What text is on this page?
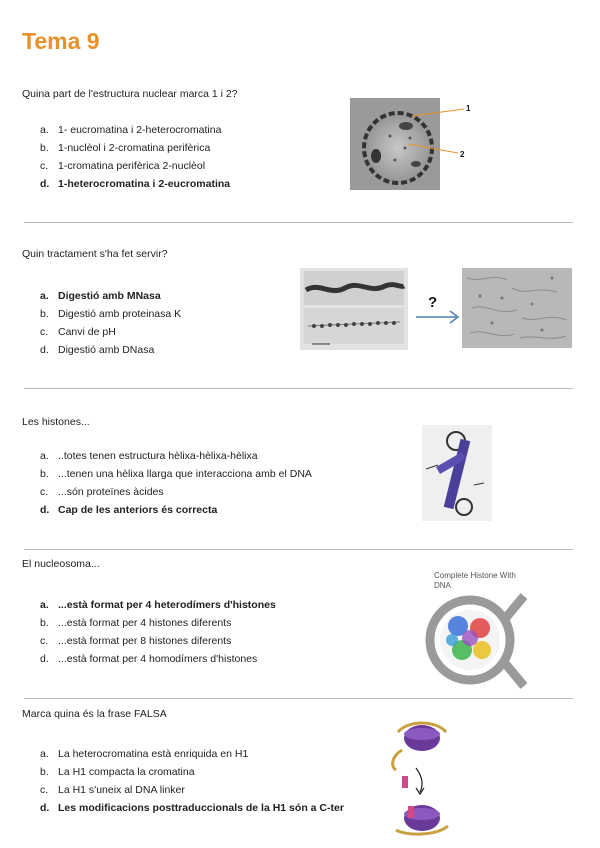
Tema 9
Quina part de l'estructura nuclear marca 1 i 2?
a. 1- eucromatina i 2-heterocromatina
b. 1-nuclèol i 2-cromatina perifèrica
c. 1-cromatina perifèrica 2-nuclèol
d. 1-heterocromatina i 2-eucromatina
1
2
Quin tractament s'ha fet servir?
a. Digestió amb MNasa
b. Digestió amb proteinasa K
c. Canvi de pH
d. Digestió amb DNasa
?
Les histones...
a. ..totes tenen estructura hèlixa-hèlixa-hèlixa
b. ...tenen una hèlixa llarga que interacciona amb el DNA
c. ...són proteïnes àcides
d. Cap de les anteriors és correcta
El nucleosoma...
a. ...està format per 4 heterodímers d'histones
b. ...està format per 4 histones diferents
c. ...està format per 8 histones diferents
d. ...està format per 4 homodímers d'histones
Complete Histone With
DNA
Marca quina és la frase FALSA
a. La heterocromatina està enriquida en H1
b. La H1 compacta la cromatina
c. La H1 s'uneix al DNA linker
d. Les modificacions posttraduccionals de la H1 són a C-ter
